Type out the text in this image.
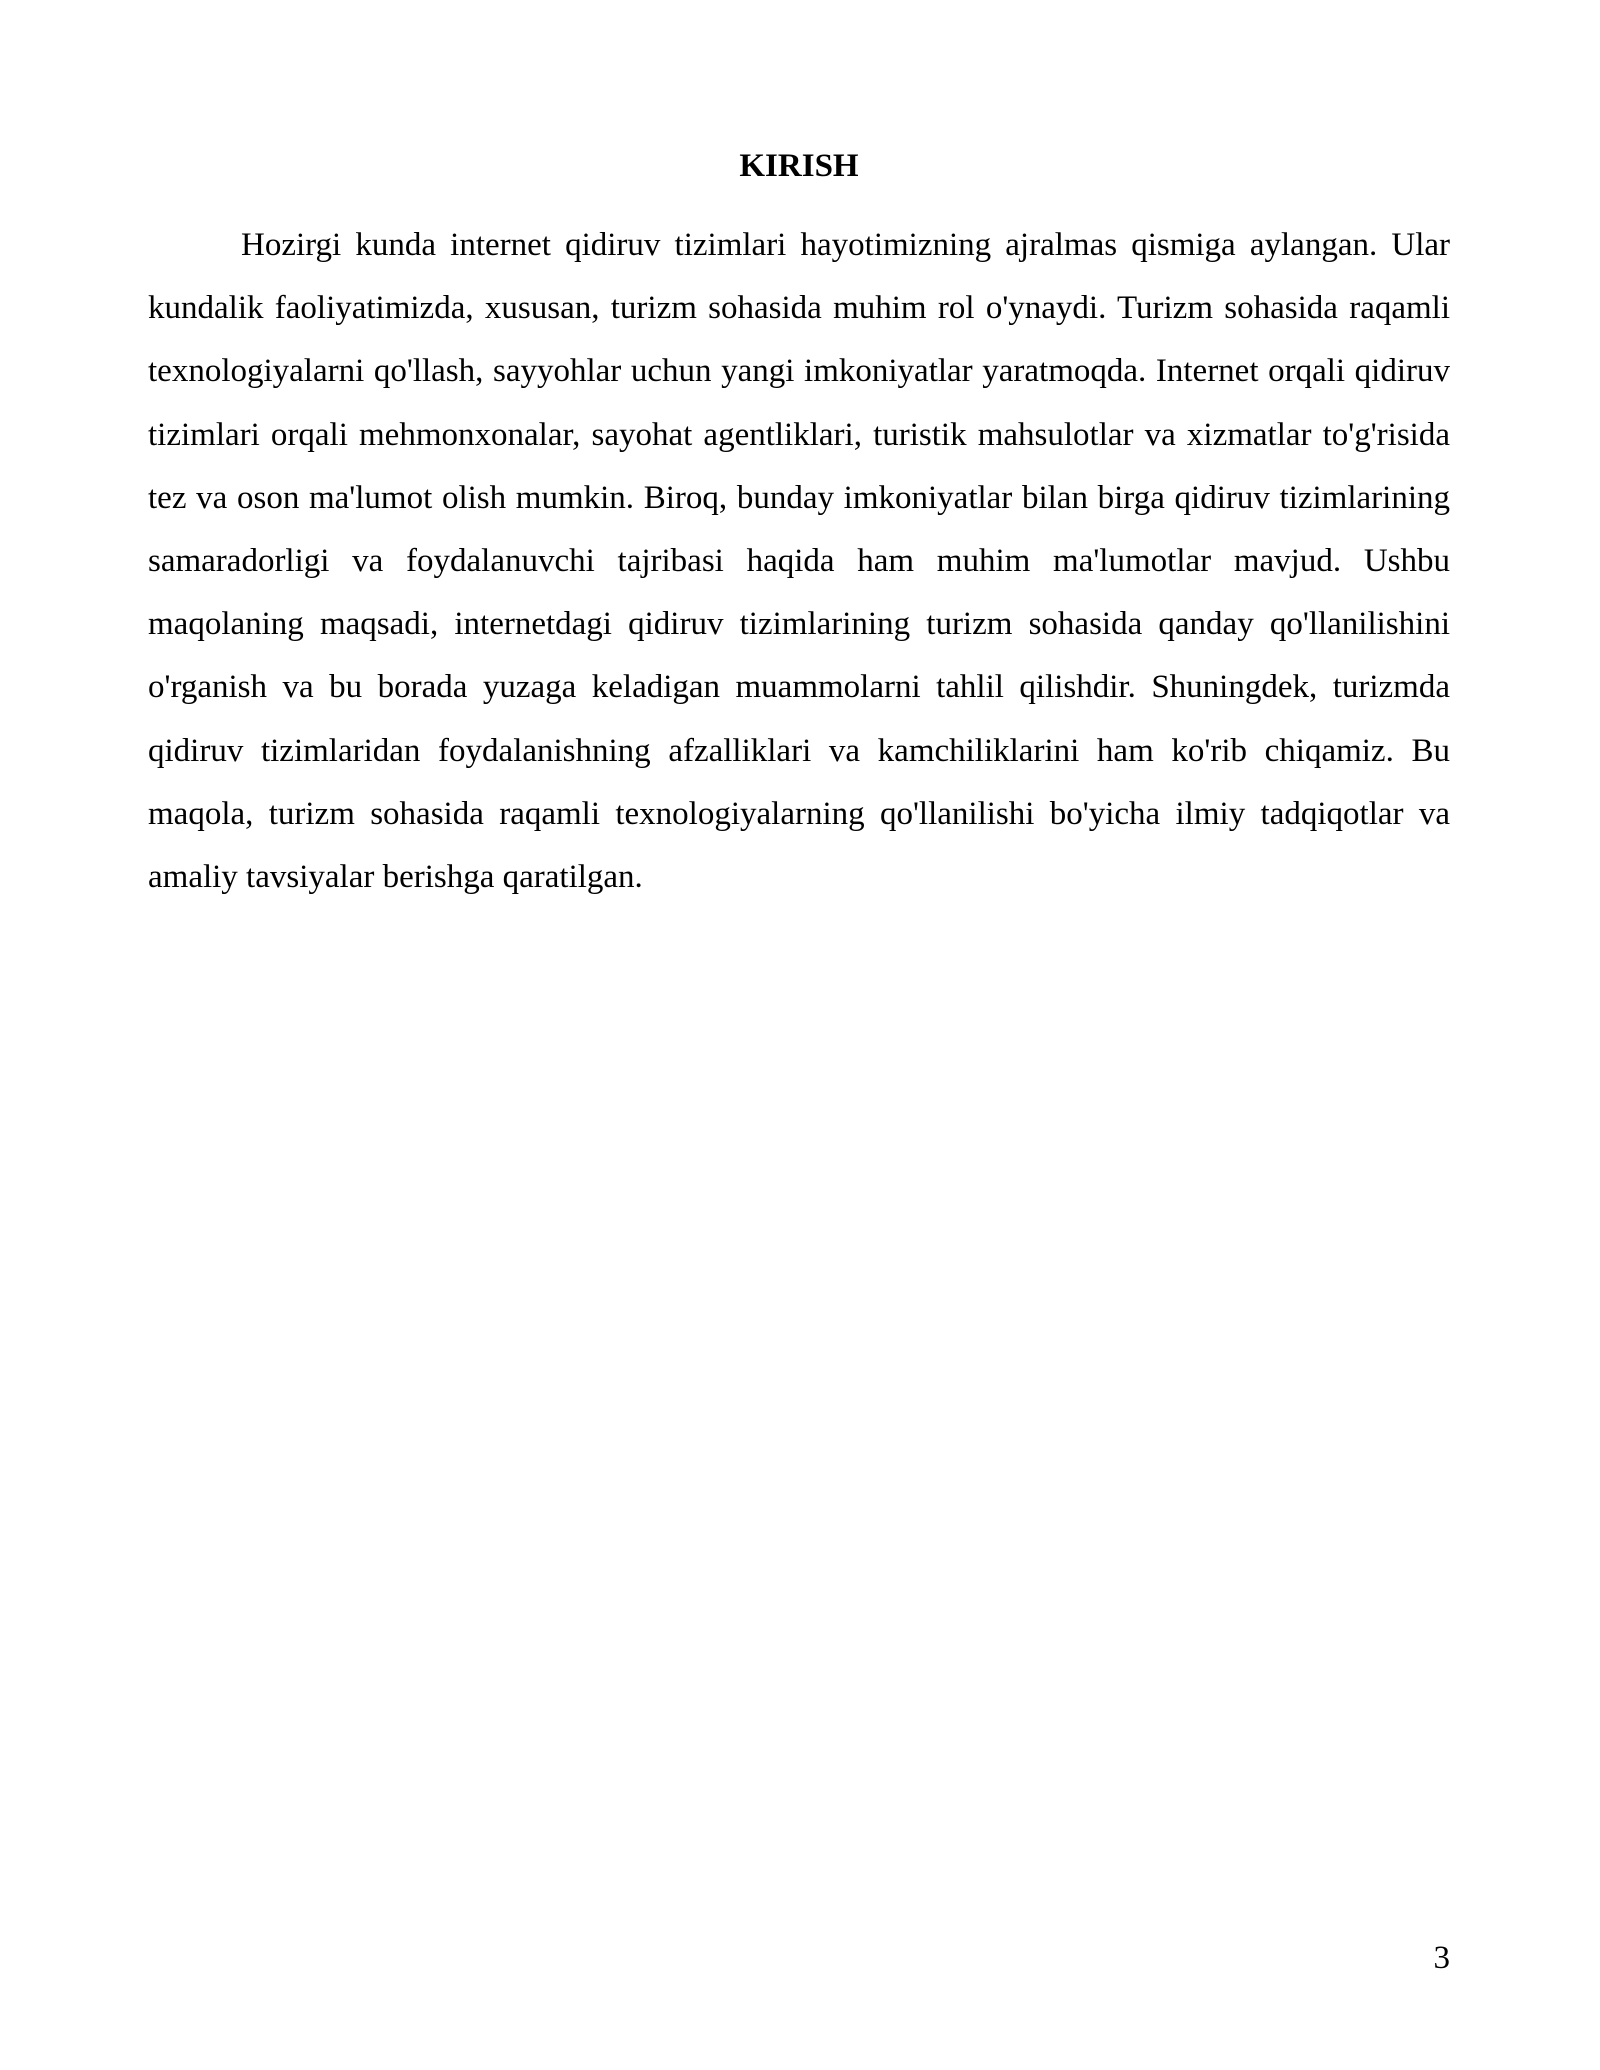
KIRISH

Hozirgi kunda internet qidiruv tizimlari hayotimizning ajralmas qismiga aylangan. Ular kundalik faoliyatimizda, xususan, turizm sohasida muhim rol o'ynaydi. Turizm sohasida raqamli texnologiyalarni qo'llash, sayyohlar uchun yangi imkoniyatlar yaratmoqda. Internet orqali qidiruv tizimlari orqali mehmonxonalar, sayohat agentliklari, turistik mahsulotlar va xizmatlar to'g'risida tez va oson ma'lumot olish mumkin. Biroq, bunday imkoniyatlar bilan birga qidiruv tizimlarining samaradorligi va foydalanuvchi tajribasi haqida ham muhim ma'lumotlar mavjud. Ushbu maqolaning maqsadi, internetdagi qidiruv tizimlarining turizm sohasida qanday qo'llanilishini o'rganish va bu borada yuzaga keladigan muammolarni tahlil qilishdir. Shuningdek, turizmda qidiruv tizimlaridan foydalanishning afzalliklari va kamchiliklarini ham ko'rib chiqamiz. Bu maqola, turizm sohasida raqamli texnologiyalarning qo'llanilishi bo'yicha ilmiy tadqiqotlar va amaliy tavsiyalar berishga qaratilgan.

3
